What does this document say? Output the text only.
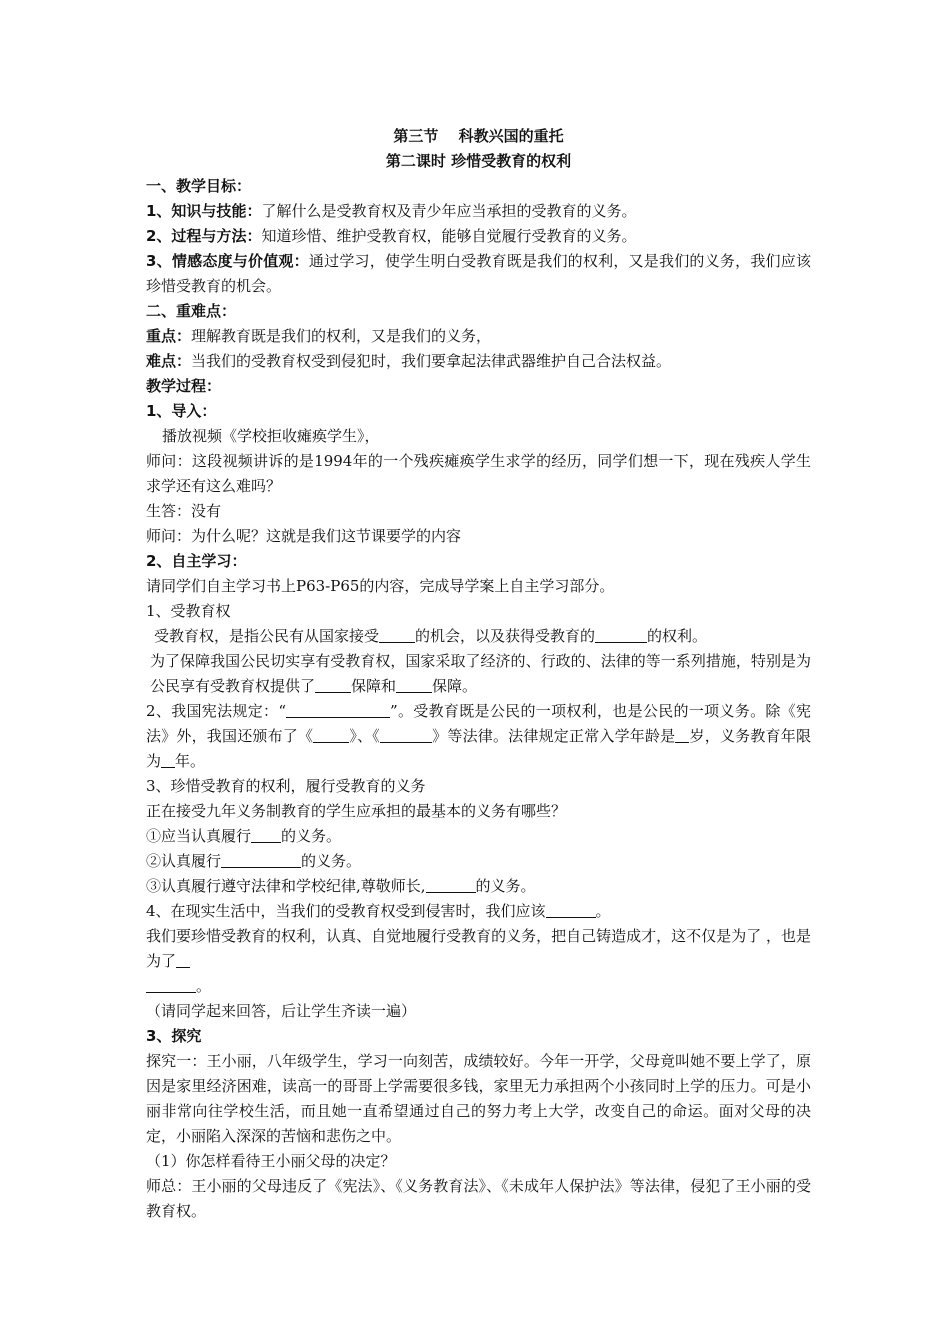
第三节　 科教兴国的重托
第二课时 珍惜受教育的权利
一、教学目标：
1、知识与技能：了解什么是受教育权及青少年应当承担的受教育的义务。
2、过程与方法：知道珍惜、维护受教育权，能够自觉履行受教育的义务。
3、情感态度与价值观：通过学习，使学生明白受教育既是我们的权利，又是我们的义务，我们应该珍惜受教育的机会。
二、重难点：
重点：理解教育既是我们的权利，又是我们的义务，
难点：当我们的受教育权受到侵犯时，我们要拿起法律武器维护自己合法权益。
教学过程：
1、导入：
播放视频《学校拒收瘫痪学生》，
师问：这段视频讲诉的是1994年的一个残疾瘫痪学生求学的经历，同学们想一下，现在残疾人学生求学还有这么难吗？
生答：没有
师问：为什么呢？这就是我们这节课要学的内容
2、自主学习：
请同学们自主学习书上P63-P65的内容，完成导学案上自主学习部分。
1、受教育权
受教育权，是指公民有从国家接受 的机会，以及获得受教育的	的权利。
为了保障我国公民切实享有受教育权，国家采取了经济的、行政的、法律的等一系列措施，特别是为公民享有受教育权提供了 保障和 保障。
2、我国宪法规定：“	”。受教育既是公民的一项权利，也是公民的一项义务。除《宪法》外，我国还颁布了《 》、《	》等法律。法律规定正常入学年龄是 岁，义务教育年限为 年。
3、珍惜受教育的权利，履行受教育的义务
正在接受九年义务制教育的学生应承担的最基本的义务有哪些？
①应当认真履行 的义务。
②认真履行	的义务。
③认真履行遵守法律和学校纪律,尊敬师长,	的义务。
4、在现实生活中，当我们的受教育权受到侵害时，我们应该	。
我们要珍惜受教育的权利，认真、自觉地履行受教育的义务，把自己铸造成才，这不仅是为了 ，也是为了
。
（请同学起来回答，后让学生齐读一遍）
3、探究
探究一：王小丽，八年级学生，学习一向刻苦，成绩较好。今年一开学，父母竟叫她不要上学了，原因是家里经济困难，读高一的哥哥上学需要很多钱，家里无力承担两个小孩同时上学的压力。可是小丽非常向往学校生活，而且她一直希望通过自己的努力考上大学，改变自己的命运。面对父母的决定，小丽陷入深深的苦恼和悲伤之中。
（1）你怎样看待王小丽父母的决定？
师总：王小丽的父母违反了《宪法》、《义务教育法》、《未成年人保护法》等法律，侵犯了王小丽的受教育权。
